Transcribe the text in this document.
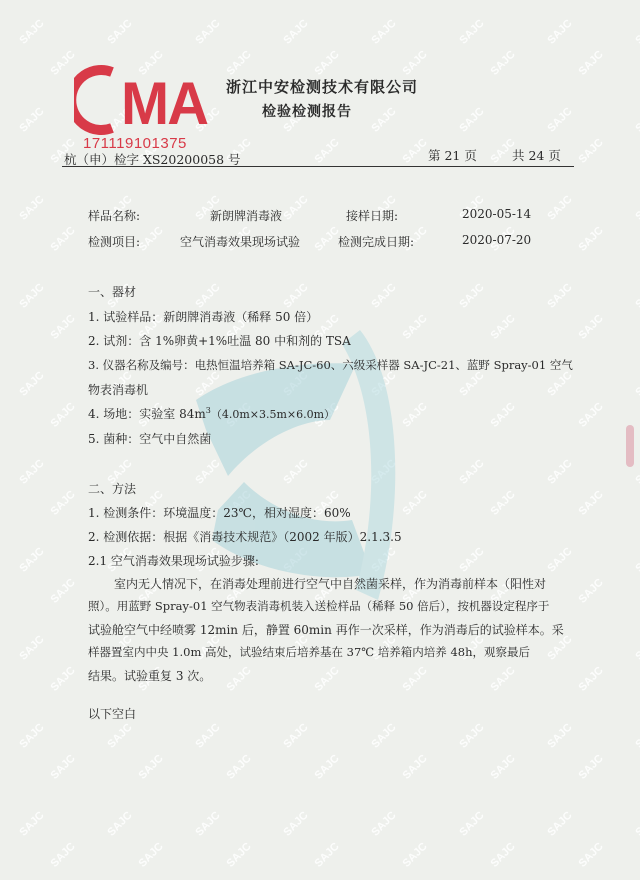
MA 浙江中安检测技术有限公司
检验检测报告
171119101375
杭（申）检字 XS20200058 号	第 21 页	共 24 页
样品名称:	新朗牌消毒液	接样日期:	2020-05-14
检测项目:	空气消毒效果现场试验	检测完成日期:	2020-07-20
一、器材
1. 试验样品：新朗牌消毒液（稀释 50 倍）
2. 试剂：含 1%卵黄+1%吐温 80 中和剂的 TSA
3. 仪器名称及编号：电热恒温培养箱 SA-JC-60、六级采样器 SA-JC-21、蓝野 Spray-01 空气
物表消毒机
4. 场地：实验室 $84m^3(4.0m\times 3.5m\times 6.0m)$
5. 菌种：空气中自然菌
二、方法
1. 检测条件：环境温度：23℃，相对湿度：60%
2. 检测依据：根据《消毒技术规范》（2002 年版）2.1.3.5
2.1 空气消毒效果现场试验步骤:
室内无人情况下，在消毒处理前进行空气中自然菌采样，作为消毒前样本（阳性对
照）。用蓝野 Spray-01 空气物表消毒机装入送检样品（稀释 50 倍后），按机器设定程序于
试验舱空气中经喷雾 12min 后，静置 60min 再作一次采样，作为消毒后的试验样本。采
样器置室内中央 1.0m 高处，试验结束后培养基在 37℃ 培养箱内培养 48h，观察最后
结果。试验重复 3 次。
以下空白
